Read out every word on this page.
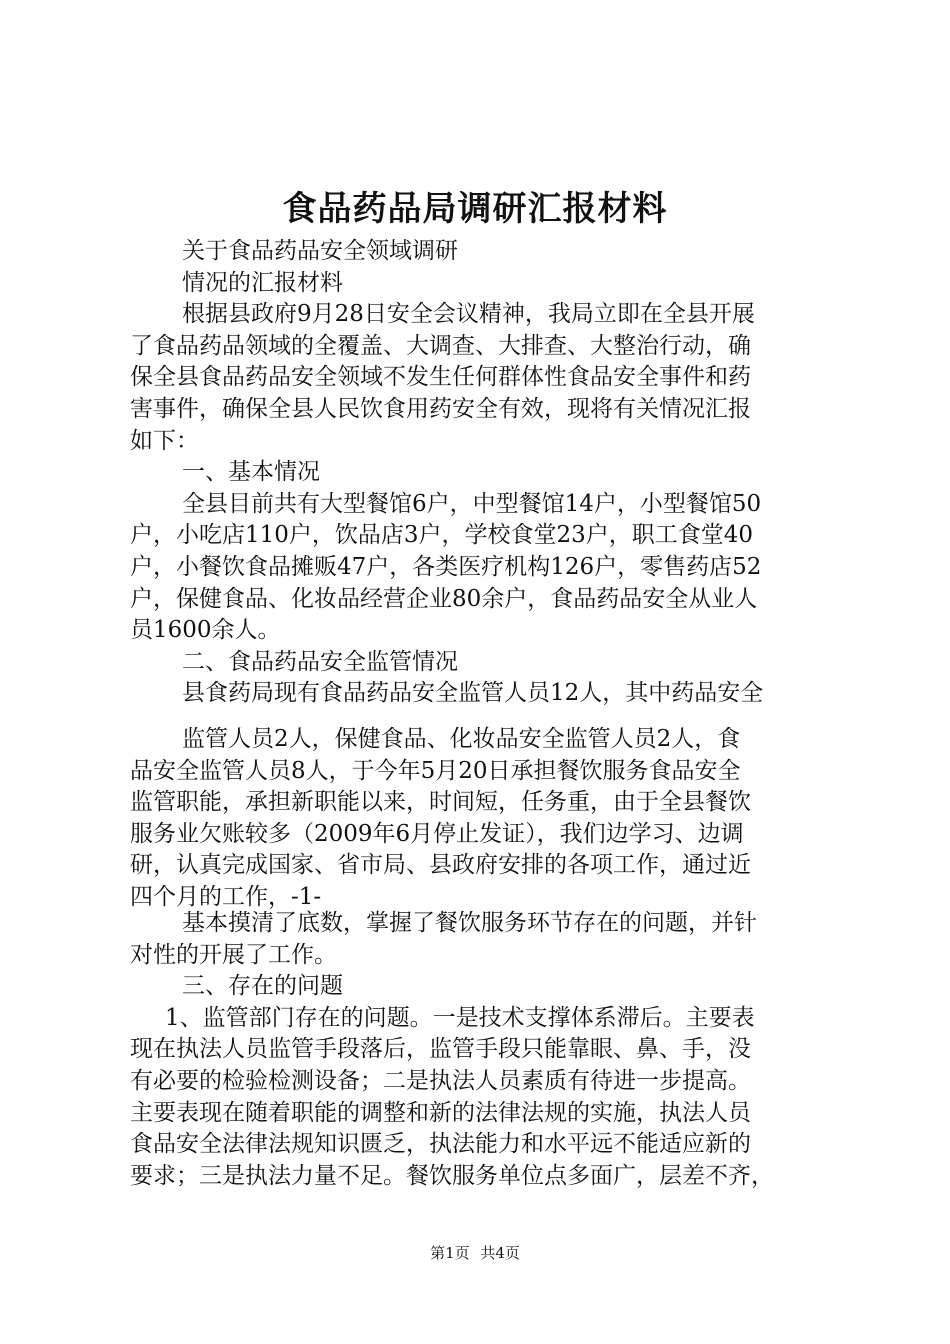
食品药品局调研汇报材料
关于食品药品安全领域调研
情况的汇报材料
根据县政府9月28日安全会议精神，我局立即在全县开展
了食品药品领域的全覆盖、大调查、大排查、大整治行动，确
保全县食品药品安全领域不发生任何群体性食品安全事件和药
害事件，确保全县人民饮食用药安全有效，现将有关情况汇报
如下：
一、基本情况
全县目前共有大型餐馆6户，中型餐馆14户，小型餐馆50
户，小吃店110户，饮品店3户，学校食堂23户，职工食堂40
户，小餐饮食品摊贩47户，各类医疗机构126户，零售药店52
户，保健食品、化妆品经营企业80余户，食品药品安全从业人
员1600余人。
二、食品药品安全监管情况
县食药局现有食品药品安全监管人员12人，其中药品安全
监管人员2人，保健食品、化妆品安全监管人员2人，食
品安全监管人员8人，于今年5月20日承担餐饮服务食品安全
监管职能，承担新职能以来，时间短，任务重，由于全县餐饮
服务业欠账较多（2009年6月停止发证），我们边学习、边调
研，认真完成国家、省市局、县政府安排的各项工作，通过近
四个月的工作，-1-
基本摸清了底数，掌握了餐饮服务环节存在的问题，并针
对性的开展了工作。
三、存在的问题
1、监管部门存在的问题。一是技术支撑体系滞后。主要表
现在执法人员监管手段落后，监管手段只能靠眼、鼻、手，没
有必要的检验检测设备；二是执法人员素质有待进一步提高。
主要表现在随着职能的调整和新的法律法规的实施，执法人员
食品安全法律法规知识匮乏，执法能力和水平远不能适应新的
要求；三是执法力量不足。餐饮服务单位点多面广，层差不齐，
第1页 共4页
